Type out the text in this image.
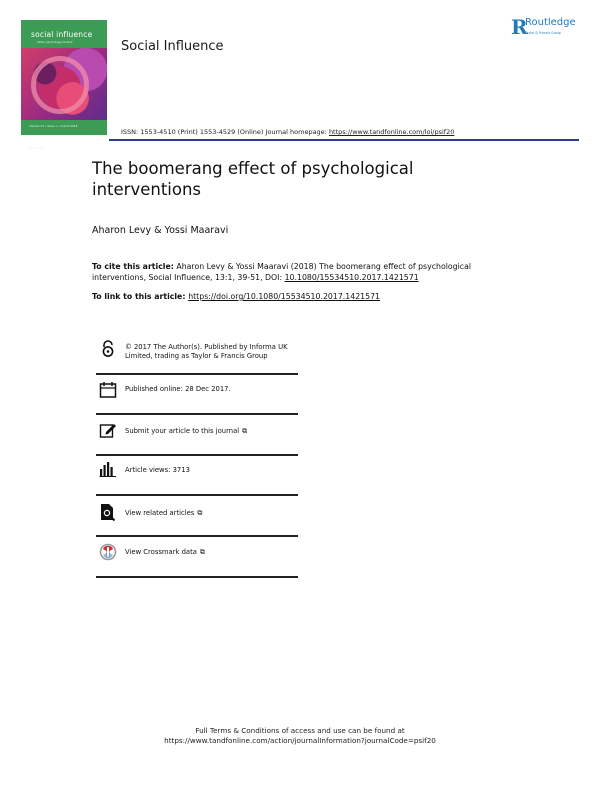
social influence
editor: psychology.com/sinf
volume 13 • issue 1 • march 2018
Routledge
Social Influence
R
Routledge
Taylor & Francis Group
ISSN: 1553-4510 (Print) 1553-4529 (Online) Journal homepage: https://www.tandfonline.com/loi/psif20
The boomerang effect of psychological interventions
Aharon Levy & Yossi Maaravi
To cite this article: Aharon Levy & Yossi Maaravi (2018) The boomerang effect of psychological interventions, Social Influence, 13:1, 39-51, DOI: 10.1080/15534510.2017.1421571
To link to this article: https://doi.org/10.1080/15534510.2017.1421571
© 2017 The Author(s). Published by Informa UK Limited, trading as Taylor & Francis Group
Published online: 28 Dec 2017.
Submit your article to this journal ⧉
Article views: 3713
View related articles ⧉
View Crossmark data ⧉
Full Terms & Conditions of access and use can be found at
https://www.tandfonline.com/action/journalInformation?journalCode=psif20
